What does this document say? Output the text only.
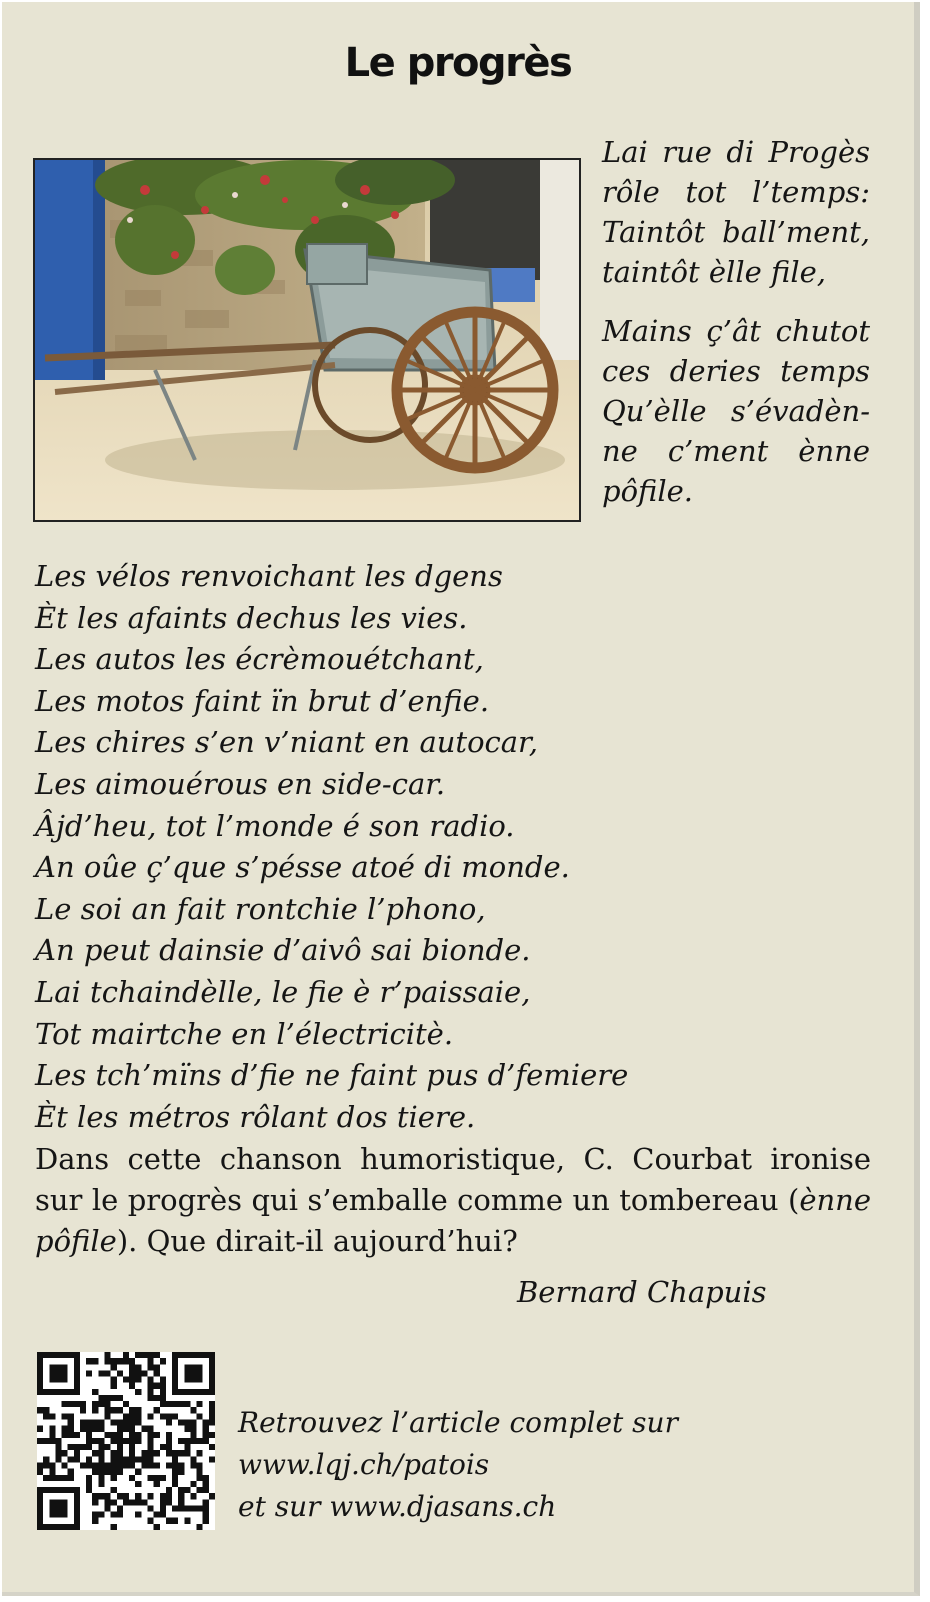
Le progrès

Lai rue di Progès rôle tot l’temps: Taintôt ball’ment, taintôt èlle file,

Mains ç’ât chutot ces deries temps Qu’èlle s’évadèn-ne c’ment ènne pôfile.

Les vélos renvoichant les dgens
Èt les afaints dechus les vies.
Les autos les écrèmouétchant,
Les motos faint ïn brut d’enfie.
Les chires s’en v’niant en autocar,
Les aimouérous en side-car.
Âjd’heu, tot l’monde é son radio.
An oûe ç’que s’pésse atoé di monde.
Le soi an fait rontchie l’phono,
An peut dainsie d’aivô sai bionde.
Lai tchaindèlle, le fie è r’paissaie,
Tot mairtche en l’électricitè.
Les tch’mïns d’fie ne faint pus d’femiere
Èt les métros rôlant dos tiere.
Dans cette chanson humoristique, C. Courbat ironise sur le progrès qui s’emballe comme un tombereau (ènne pôfile). Que dirait-il aujourd’hui?
Bernard Chapuis
Retrouvez l’article complet sur
www.lqj.ch/patois
et sur www.djasans.ch
